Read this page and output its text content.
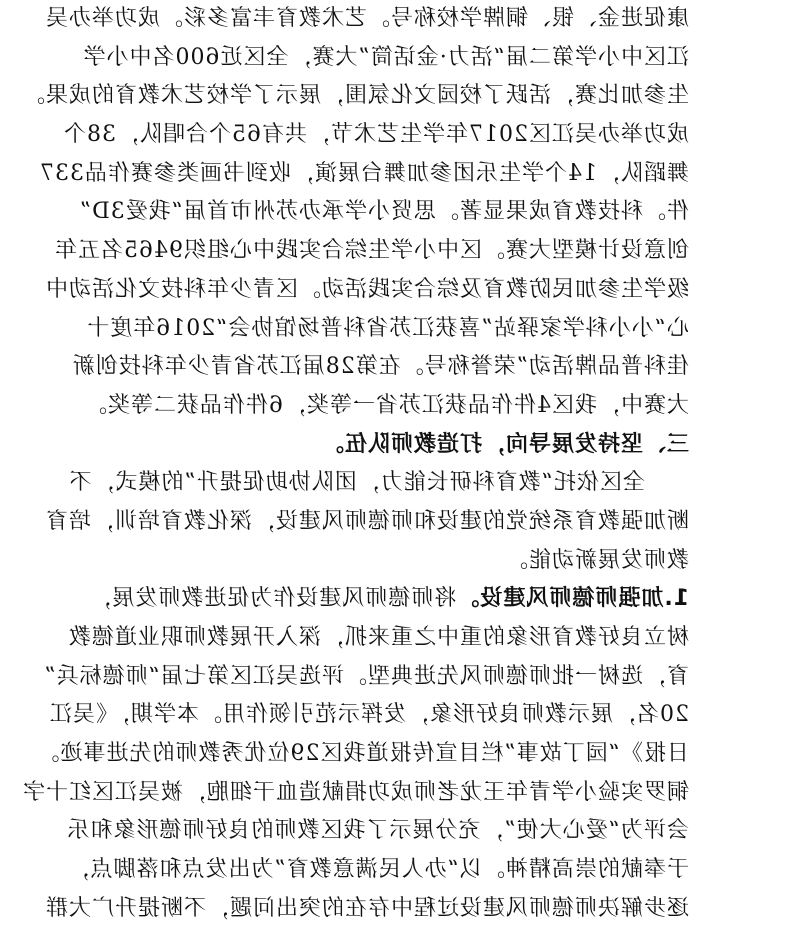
康促进金、银、铜牌学校称号。艺术教育丰富多彩。成功举办吴
江区中小学第二届“活力·金话筒”大赛，全区近600名中小学
生参加比赛，活跃了校园文化氛围，展示了学校艺术教育的成果。
成功举办吴江区2017年学生艺术节，共有65个合唱队，38个
舞蹈队，14个学生乐团参加舞台展演，收到书画类参赛作品337
件。科技教育成果显著。思贤小学承办苏州市首届“我爱3D”
创意设计模型大赛。区中小学生综合实践中心组织9465名五年
级学生参加民防教育及综合实践活动。区青少年科技文化活动中
心“小小科学家驿站”喜获江苏省科普场馆协会“2016年度十
佳科普品牌活动”荣誉称号。在第28届江苏省青少年科技创新
大赛中，我区4件作品获江苏省一等奖，6件作品获二等奖。
三、坚持发展导向，打造教师队伍。
全区依托“教育科研长能力，团队协助促提升”的模式，不
断加强教育系统党的建设和师德师风建设，深化教育培训，培育
教师发展新动能。
1.加强师德师风建设。将师德师风建设作为促进教师发展，
树立良好教育形象的重中之重来抓，深入开展教师职业道德教
育，选树一批师德师风先进典型。评选吴江区第七届“师德标兵”
20名，展示教师良好形象，发挥示范引领作用。本学期，《吴江
日报》“园丁故事”栏目宣传报道我区29位优秀教师的先进事迹。
铜罗实验小学青年王龙老师成功捐献造血干细胞，被吴江区红十字
会评为“爱心大使”，充分展示了我区教师的良好师德形象和乐
于奉献的崇高精神。以“办人民满意教育”为出发点和落脚点，
逐步解决师德师风建设过程中存在的突出问题，不断提升广大群
